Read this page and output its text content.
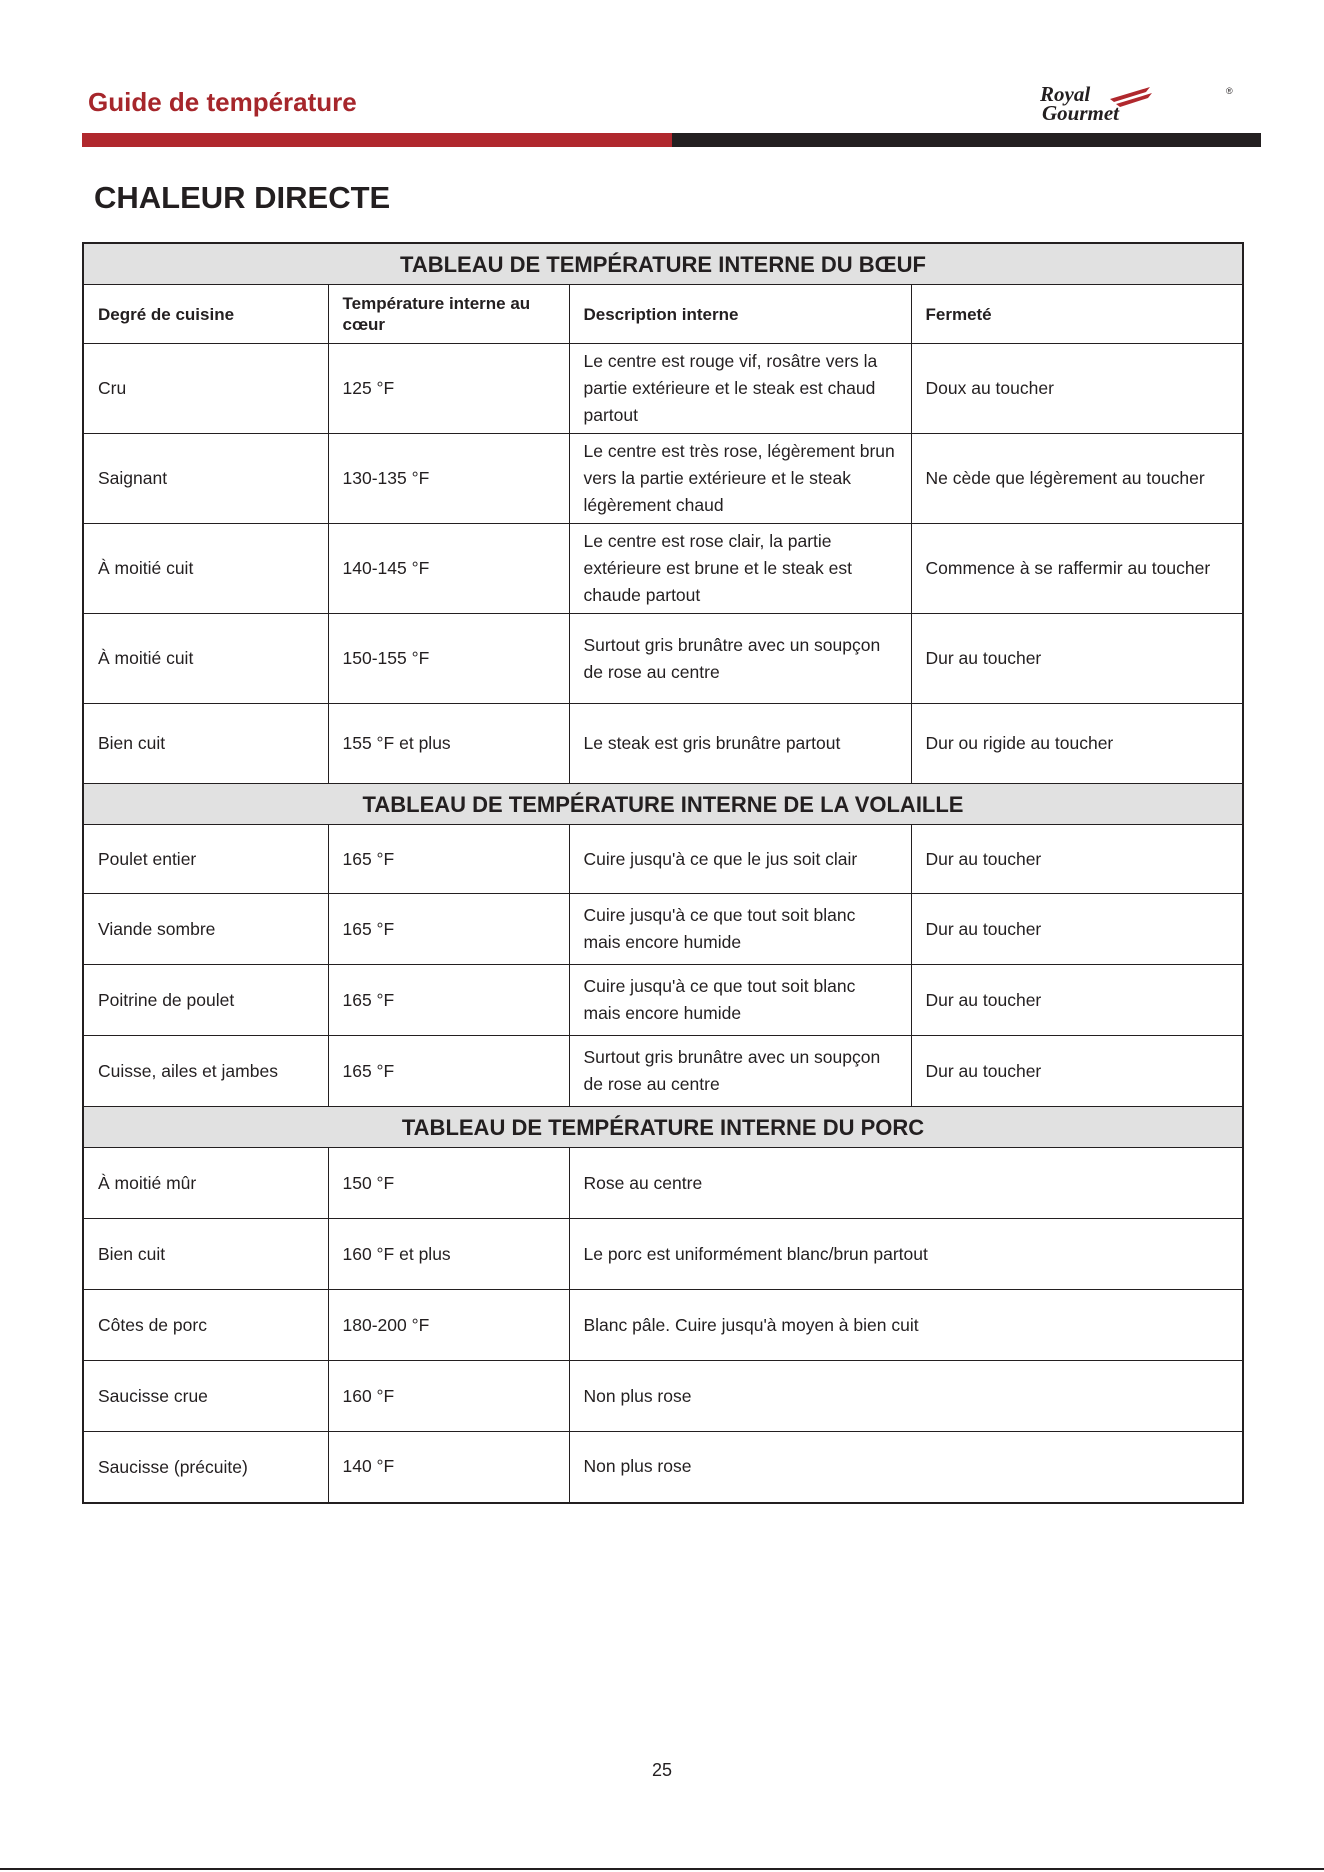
Guide de température	Royal
Gourmet
®
CHALEUR DIRECTE
TABLEAU DE TEMPÉRATURE INTERNE DU BŒUF			
Degré de cuisine	Température interne au cœur	Description interne	Fermeté
Cru	125 °F	Le centre est rouge vif, rosâtre vers la partie extérieure et le steak est chaud partout	Doux au toucher
Saignant	130-135 °F	Le centre est très rose, légèrement brun vers la partie extérieure et le steak légèrement chaud	Ne cède que légèrement au toucher
À moitié cuit	140-145 °F	Le centre est rose clair, la partie extérieure est brune et le steak est chaude partout	Commence à se raffermir au toucher
À moitié cuit	150-155 °F	Surtout gris brunâtre avec un soupçon de rose au centre	Dur au toucher
Bien cuit	155 °F et plus	Le steak est gris brunâtre partout	Dur ou rigide au toucher
TABLEAU DE TEMPÉRATURE INTERNE DE LA VOLAILLE			
Poulet entier	165 °F	Cuire jusqu'à ce que le jus soit clair	Dur au toucher
Viande sombre	165 °F	Cuire jusqu'à ce que tout soit blanc mais encore humide	Dur au toucher
Poitrine de poulet	165 °F	Cuire jusqu'à ce que tout soit blanc mais encore humide	Dur au toucher
Cuisse, ailes et jambes	165 °F	Surtout gris brunâtre avec un soupçon de rose au centre	Dur au toucher
TABLEAU DE TEMPÉRATURE INTERNE DU PORC			
À moitié mûr	150 °F	Rose au centre	
Bien cuit	160 °F et plus	Le porc est uniformément blanc/brun partout	
Côtes de porc	180-200 °F	Blanc pâle. Cuire jusqu'à moyen à bien cuit	
Saucisse crue	160 °F	Non plus rose	
Saucisse (précuite)	140 °F	Non plus rose	
25
